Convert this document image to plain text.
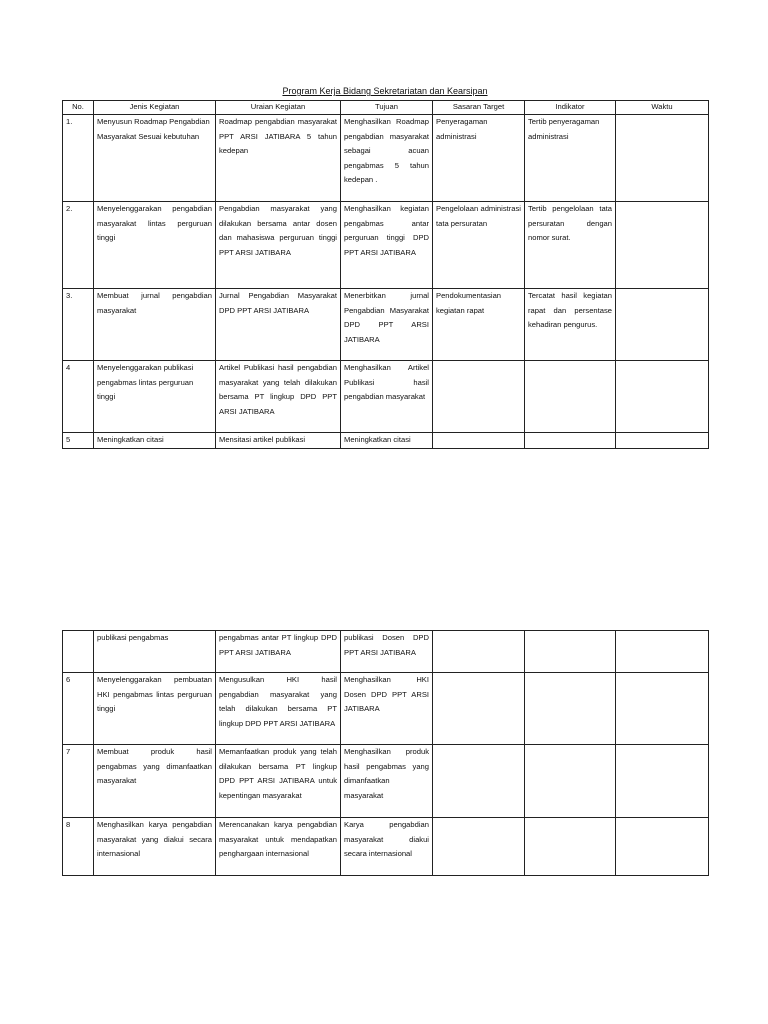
Program Kerja Bidang Sekretariatan dan Kearsipan
No.	Jenis Kegiatan	Uraian Kegiatan	Tujuan	Sasaran Target	Indikator	Waktu
1.	Menyusun Roadmap Pengabdian Masyarakat Sesuai kebutuhan	Roadmap pengabdian masyarakat PPT ARSI JATIBARA 5 tahun kedepan	Menghasilkan Roadmap pengabdian masyarakat sebagai acuan pengabmas 5 tahun kedepan .	Penyeragaman administrasi	Tertib penyeragaman administrasi	
2.	Menyelenggarakan pengabdian masyarakat lintas perguruan tinggi	Pengabdian masyarakat yang dilakukan bersama antar dosen dan mahasiswa perguruan tinggi PPT ARSI JATIBARA	Menghasilkan kegiatan pengabmas antar perguruan tinggi DPD PPT ARSI JATIBARA	Pengelolaan administrasi tata persuratan	Tertib pengelolaan tata persuratan dengan nomor surat.	
3.	Membuat jurnal pengabdian masyarakat	Jurnal Pengabdian Masyarakat DPD PPT ARSI JATIBARA	Menerbitkan jurnal Pengabdian Masyarakat DPD PPT ARSI JATIBARA	Pendokumentasian kegiatan rapat	Tercatat hasil kegiatan rapat dan persentase kehadiran pengurus.	
4	Menyelenggarakan publikasi pengabmas lintas perguruan tinggi	Artikel Publikasi hasil pengabdian masyarakat yang telah dilakukan bersama PT lingkup DPD PPT ARSI JATIBARA	Menghasilkan Artikel Publikasi hasil pengabdian masyarakat			
5	Meningkatkan citasi	Mensitasi artikel publikasi	Meningkatkan citasi			
	publikasi pengabmas	pengabmas antar PT lingkup DPD PPT ARSI JATIBARA	publikasi Dosen DPD PPT ARSI JATIBARA			
6	Menyelenggarakan pembuatan HKI pengabmas lintas perguruan tinggi	Mengusulkan HKI hasil pengabdian masyarakat yang telah dilakukan bersama PT lingkup DPD PPT ARSI JATIBARA	Menghasilkan HKI Dosen DPD PPT ARSI JATIBARA			
7	Membuat produk hasil pengabmas yang dimanfaatkan masyarakat	Memanfaatkan produk yang telah dilakukan bersama PT lingkup DPD PPT ARSI JATIBARA untuk kepentingan masyarakat	Menghasilkan produk hasil pengabmas yang dimanfaatkan masyarakat			
8	Menghasilkan karya pengabdian masyarakat yang diakui secara internasional	Merencanakan karya pengabdian masyarakat untuk mendapatkan penghargaan internasional	Karya pengabdian masyarakat diakui secara internasional			
